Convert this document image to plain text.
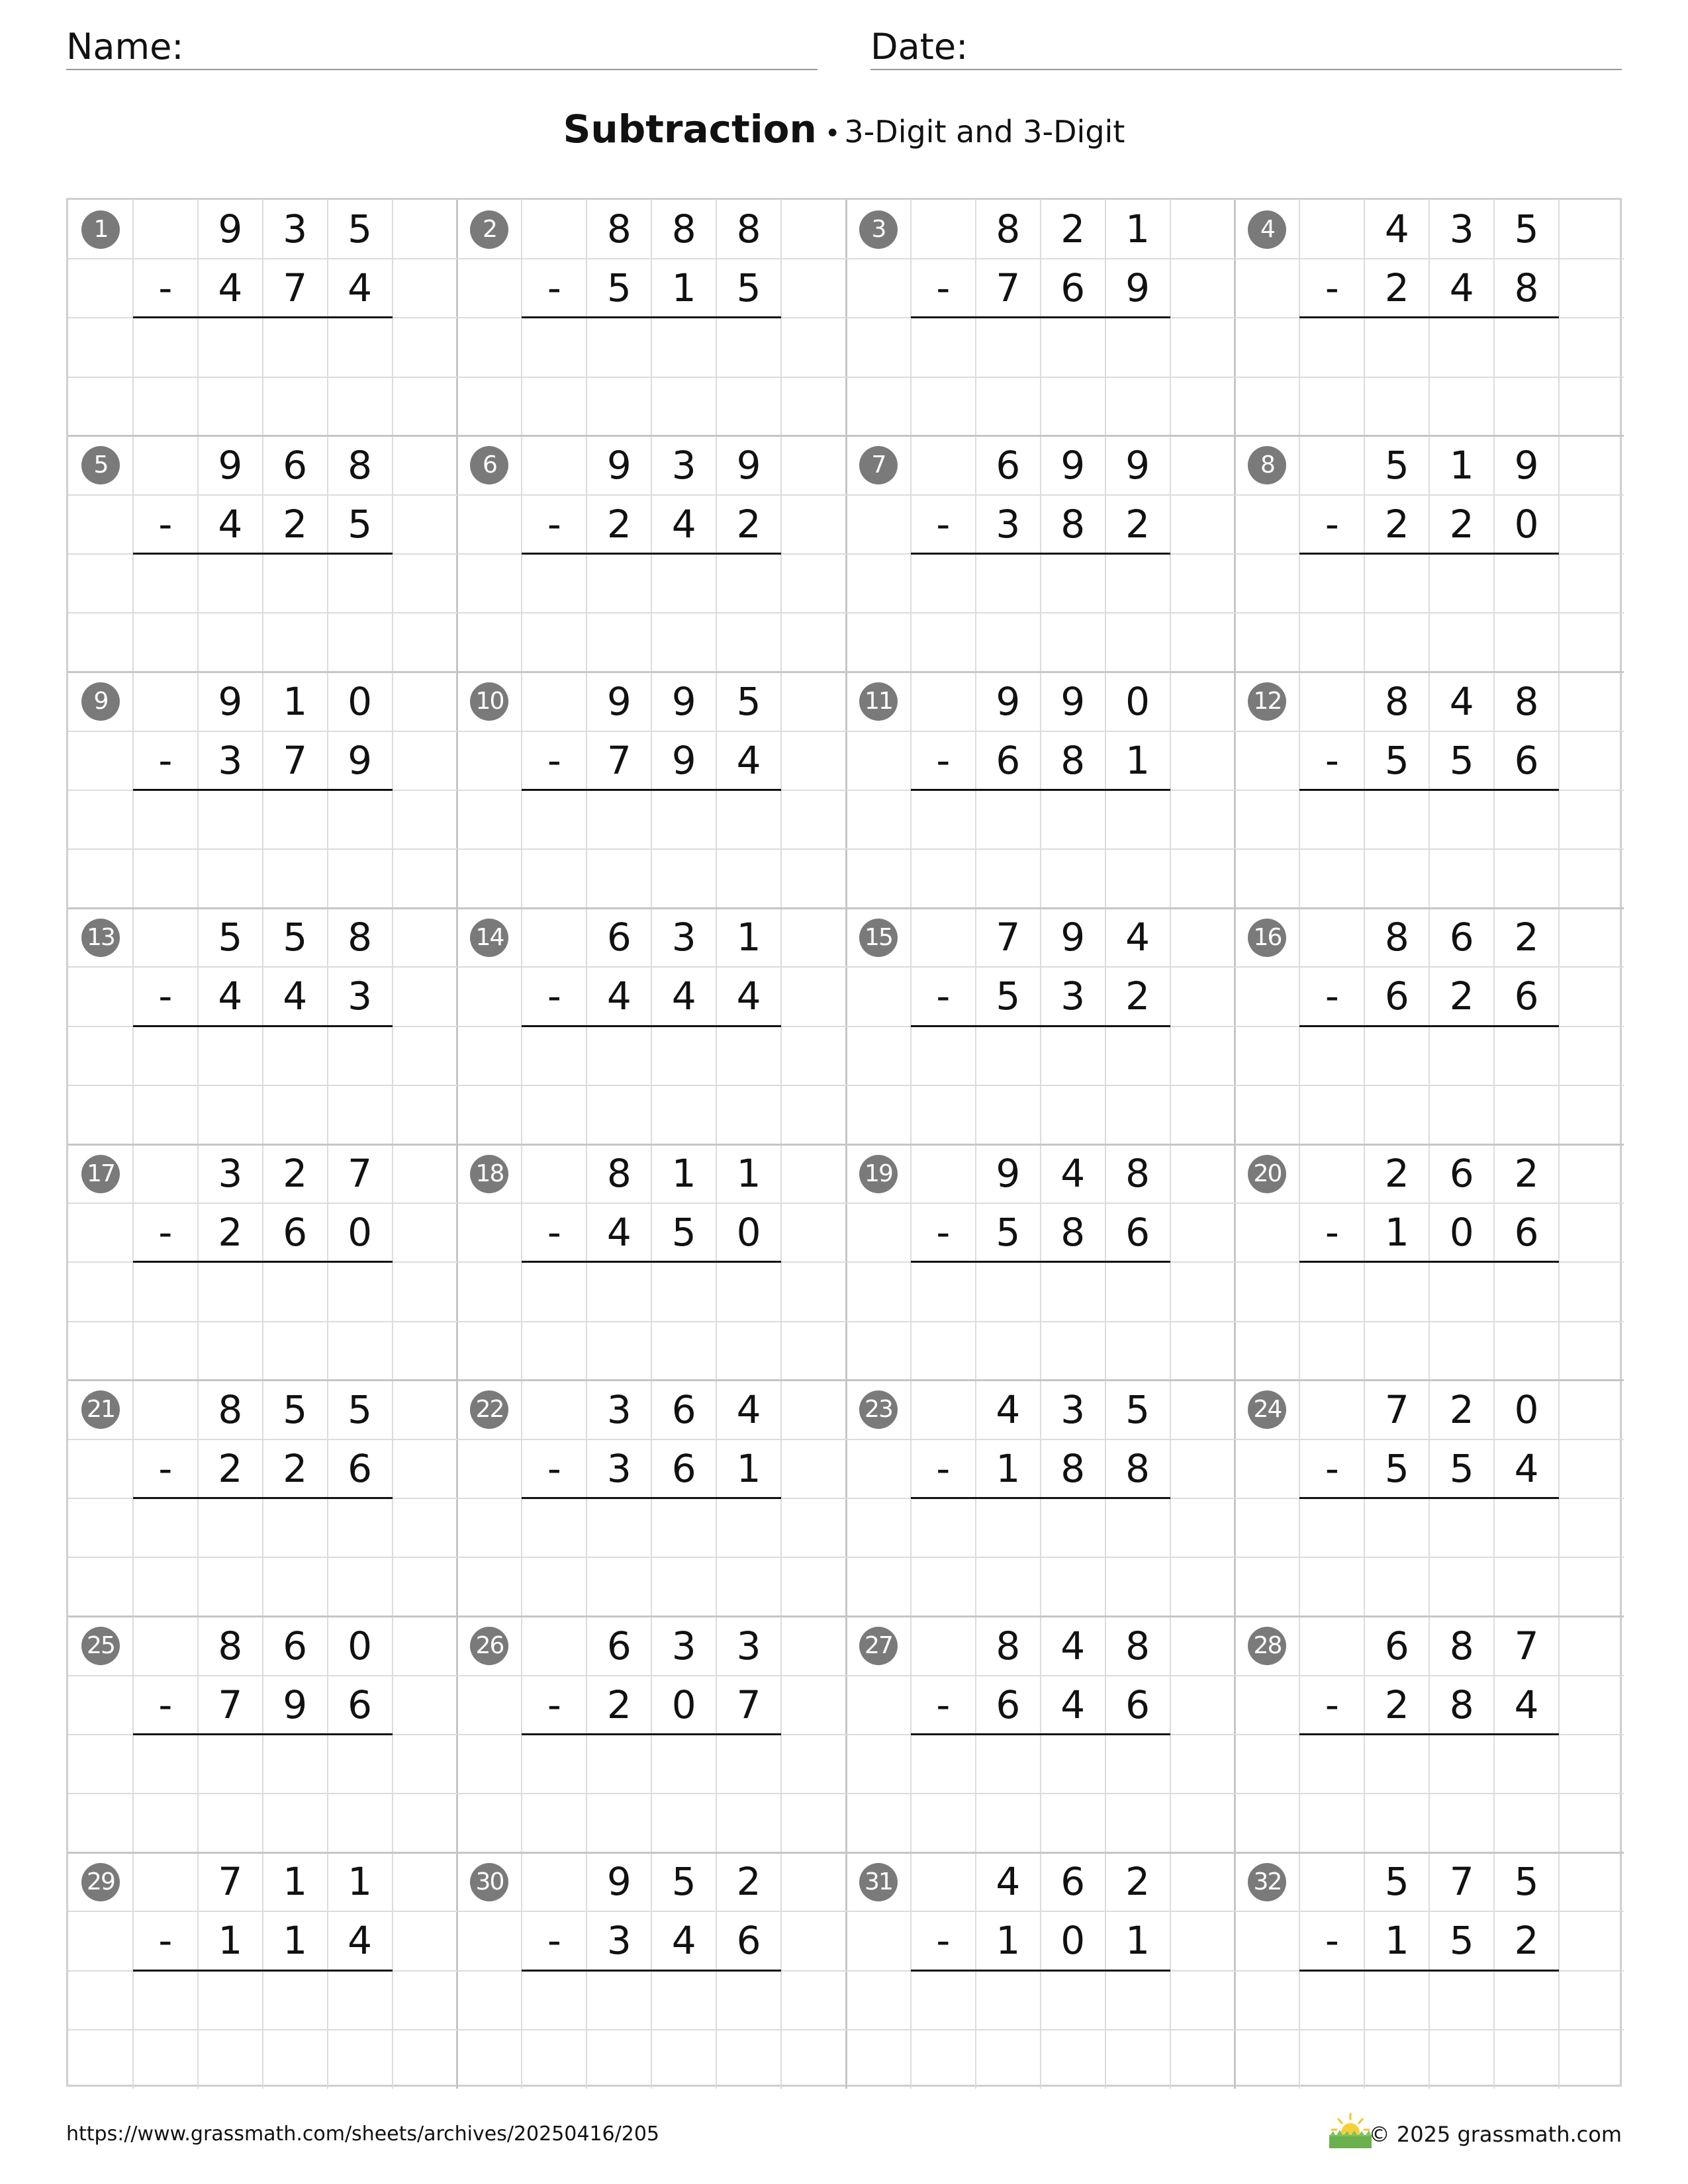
Name:	Date:
Subtraction • 3-Digit and 3-Digit
1	9	3	5
-	4	7	4
2	8	8	8
-	5	1	5
3	8	2	1
-	7	6	9
4	4	3	5
-	2	4	8
5	9	6	8
-	4	2	5
6	9	3	9
-	2	4	2
7	6	9	9
-	3	8	2
8	5	1	9
-	2	2	0
9	9	1	0
-	3	7	9
10	9	9	5
-	7	9	4
11	9	9	0
-	6	8	1
12	8	4	8
-	5	5	6
13	5	5	8
-	4	4	3
14	6	3	1
-	4	4	4
15	7	9	4
-	5	3	2
16	8	6	2
-	6	2	6
17	3	2	7
-	2	6	0
18	8	1	1
-	4	5	0
19	9	4	8
-	5	8	6
20	2	6	2
-	1	0	6
21	8	5	5
-	2	2	6
22	3	6	4
-	3	6	1
23	4	3	5
-	1	8	8
24	7	2	0
-	5	5	4
25	8	6	0
-	7	9	6
26	6	3	3
-	2	0	7
27	8	4	8
-	6	4	6
28	6	8	7
-	2	8	4
29	7	1	1
-	1	1	4
30	9	5	2
-	3	4	6
31	4	6	2
-	1	0	1
32	5	7	5
-	1	5	2
https://www.grassmath.com/sheets/archives/20250416/205	© 2025 grassmath.com
